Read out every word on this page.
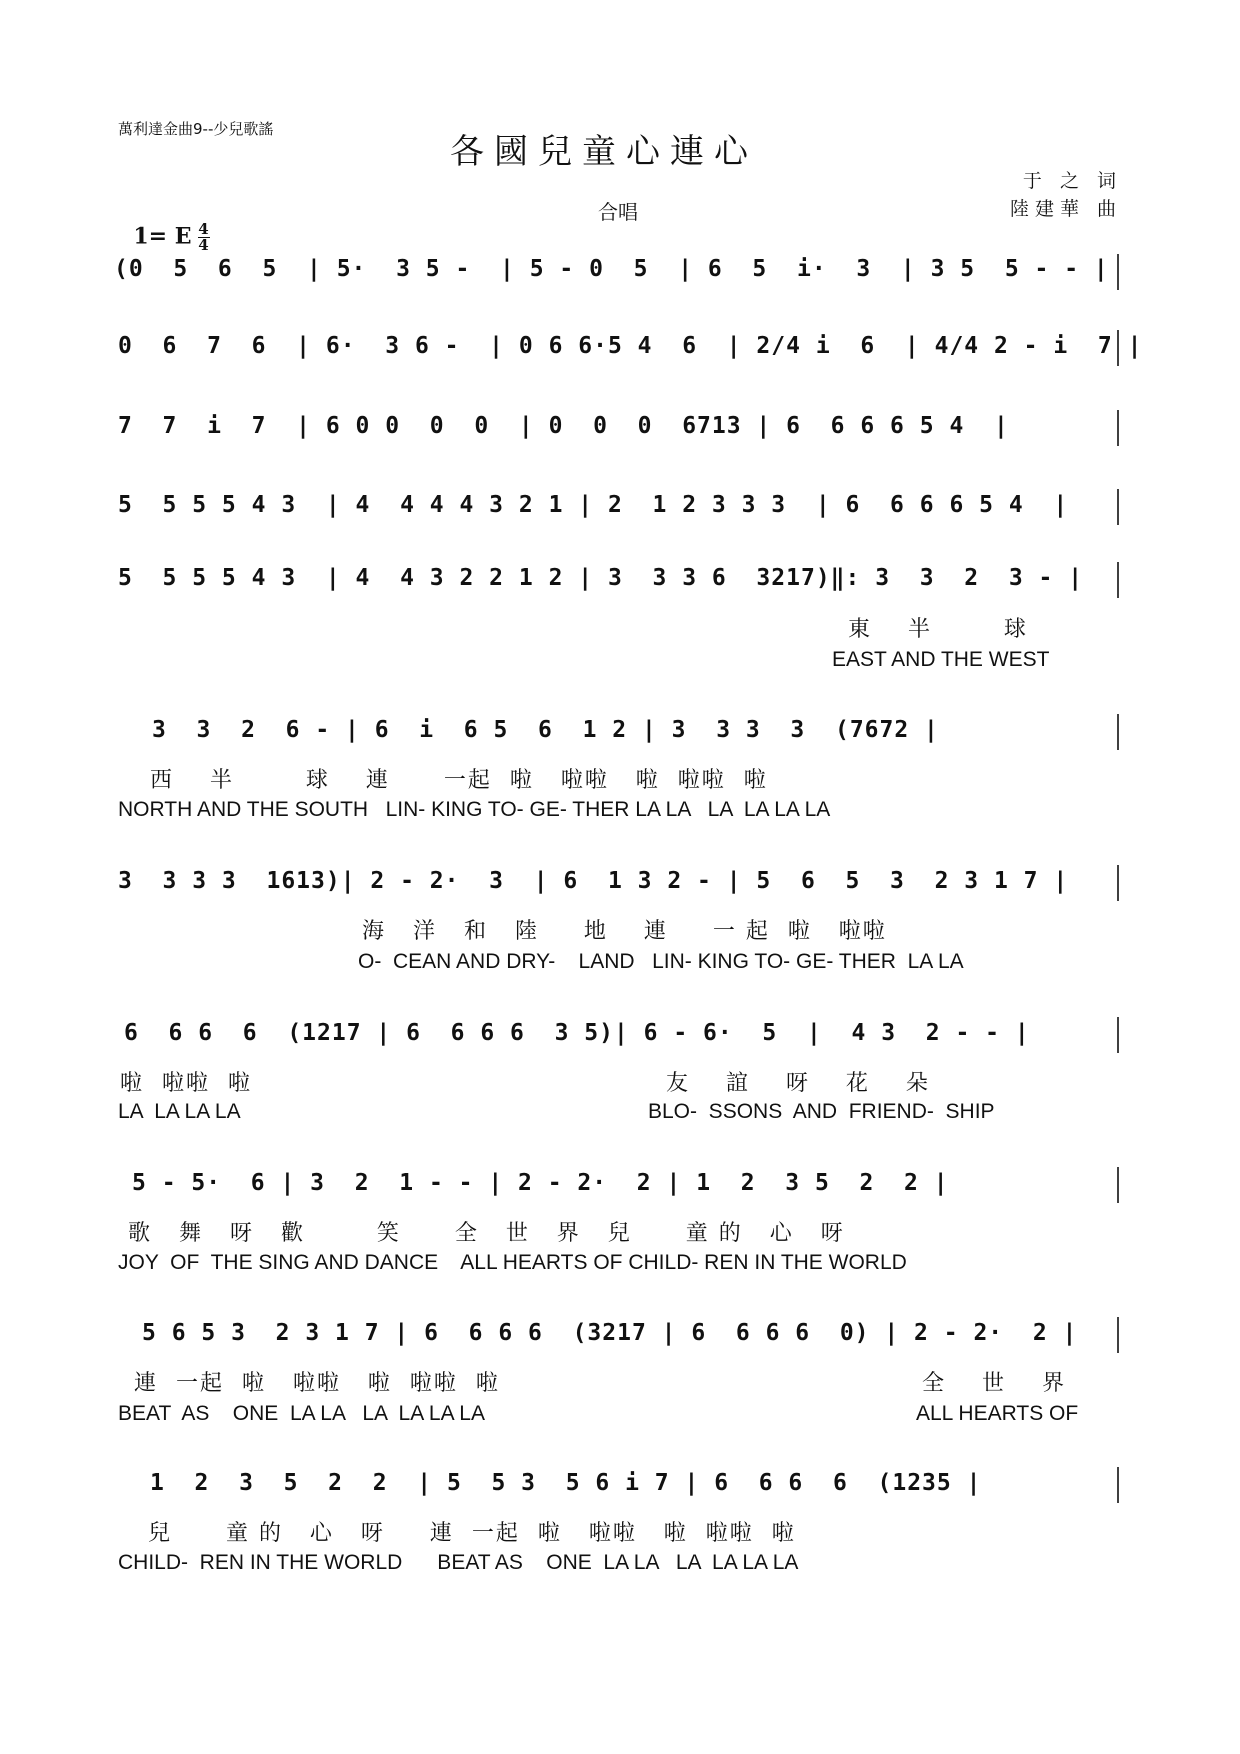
萬利達金曲9--少兒歌謠
各國兒童心連心
于 之 词
陸建華 曲

1= E $\frac{4}{4}$

合唱
(0  5  6  5  | 5·  3 5 -  | 5 - 0  5  | 6  5  i·  3  | 3 5  5 - - |
0  6  7  6  | 6·  3 6 -  | 0 6 6·5 4  6  | 2/4 i  6  | 4/4 2 - i  7 |
7  7  i  7  | 6 0 0  0  0  | 0  0  0  6713 | 6  6 6 6 5 4  |
5  5 5 5 4 3  | 4  4 4 4 3 2 1 | 2  1 2 3 3 3  | 6  6 6 6 5 4  |
5  5 5 5 4 3  | 4  4 3 2 2 1 2 | 3  3 3 6  3217)‖: 3  3  2  3 - |
東    半        球
EAST AND THE WEST
3  3  2  6 - | 6  i  6 5  6  1 2 | 3  3 3  3  (7672 |
西    半        球    連      一起  啦   啦啦   啦  啦啦  啦
NORTH AND THE SOUTH   LIN- KING TO- GE- THER LA LA   LA  LA LA LA
3  3 3 3  1613)| 2 - 2·  3  | 6  1 3 2 - | 5  6  5  3  2 3 1 7 |
海   洋   和   陸     地    連     一 起  啦   啦啦
O-  CEAN AND DRY-    LAND   LIN- KING TO- GE- THER  LA LA
6  6 6  6  (1217 | 6  6 6 6  3 5)| 6 - 6·  5  |  4 3  2 - - |
啦  啦啦  啦	友    誼    呀    花    朵
LA  LA LA LA	BLO-  SSONS  AND  FRIEND-  SHIP
5 - 5·  6 | 3  2  1 - - | 2 - 2·  2 | 1  2  3 5  2  2 |
歌   舞   呀   歡        笑      全   世   界   兒      童 的   心   呀
JOY  OF  THE SING AND DANCE    ALL HEARTS OF CHILD- REN IN THE WORLD
5 6 5 3  2 3 1 7 | 6  6 6 6  (3217 | 6  6 6 6  0) | 2 - 2·  2 |
連  一起  啦   啦啦   啦  啦啦  啦	全    世    界
BEAT  AS    ONE  LA LA   LA  LA LA LA	ALL HEARTS OF
1  2  3  5  2  2  | 5  5 3  5 6 i 7 | 6  6 6  6  (1235 |
兒      童 的   心   呀     連  一起  啦   啦啦   啦  啦啦  啦
CHILD-  REN IN THE WORLD      BEAT AS    ONE  LA LA   LA  LA LA LA
